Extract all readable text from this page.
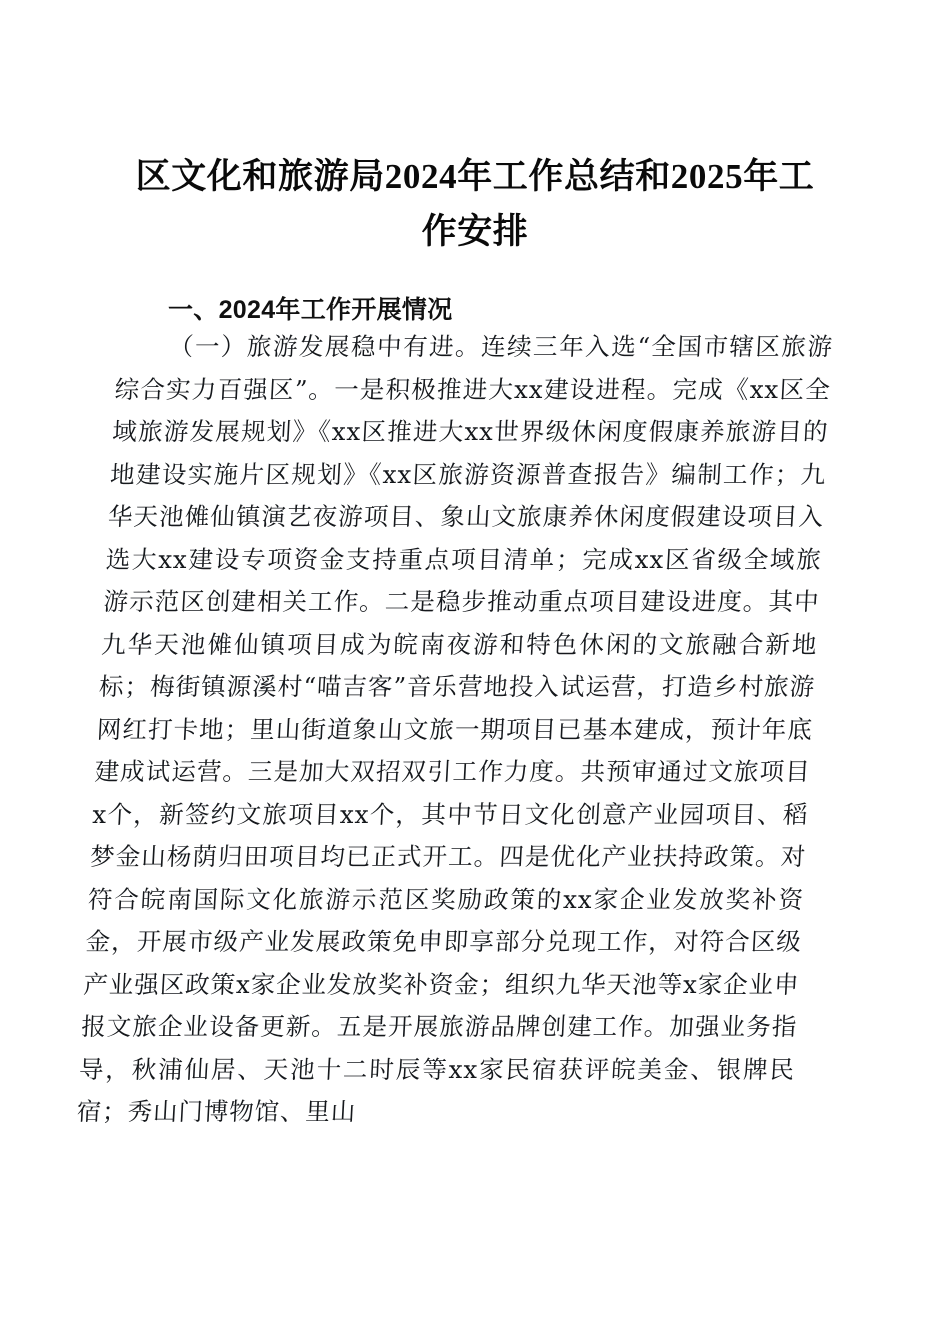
区文化和旅游局2024年工作总结和2025年工作安排
一、2024年工作开展情况

（一）旅游发展稳中有进。连续三年入选“全国市辖区旅游综合实力百强区”。一是积极推进大xx建设进程。完成《xx区全域旅游发展规划》《xx区推进大xx世界级休闲度假康养旅游目的地建设实施片区规划》《xx区旅游资源普查报告》编制工作；九华天池傩仙镇演艺夜游项目、象山文旅康养休闲度假建设项目入选大xx建设专项资金支持重点项目清单；完成xx区省级全域旅游示范区创建相关工作。二是稳步推动重点项目建设进度。其中九华天池傩仙镇项目成为皖南夜游和特色休闲的文旅融合新地标；梅街镇源溪村“喵吉客”音乐营地投入试运营，打造乡村旅游网红打卡地；里山街道象山文旅一期项目已基本建成，预计年底建成试运营。三是加大双招双引工作力度。共预审通过文旅项目x个，新签约文旅项目xx个，其中节日文化创意产业园项目、稻梦金山杨荫归田项目均已正式开工。四是优化产业扶持政策。对符合皖南国际文化旅游示范区奖励政策的xx家企业发放奖补资金，开展市级产业发展政策免申即享部分兑现工作，对符合区级产业强区政策x家企业发放奖补资金；组织九华天池等x家企业申报文旅企业设备更新。五是开展旅游品牌创建工作。加强业务指导，秋浦仙居、天池十二时辰等xx家民宿获评皖美金、银牌民宿；秀山门博物馆、里山
